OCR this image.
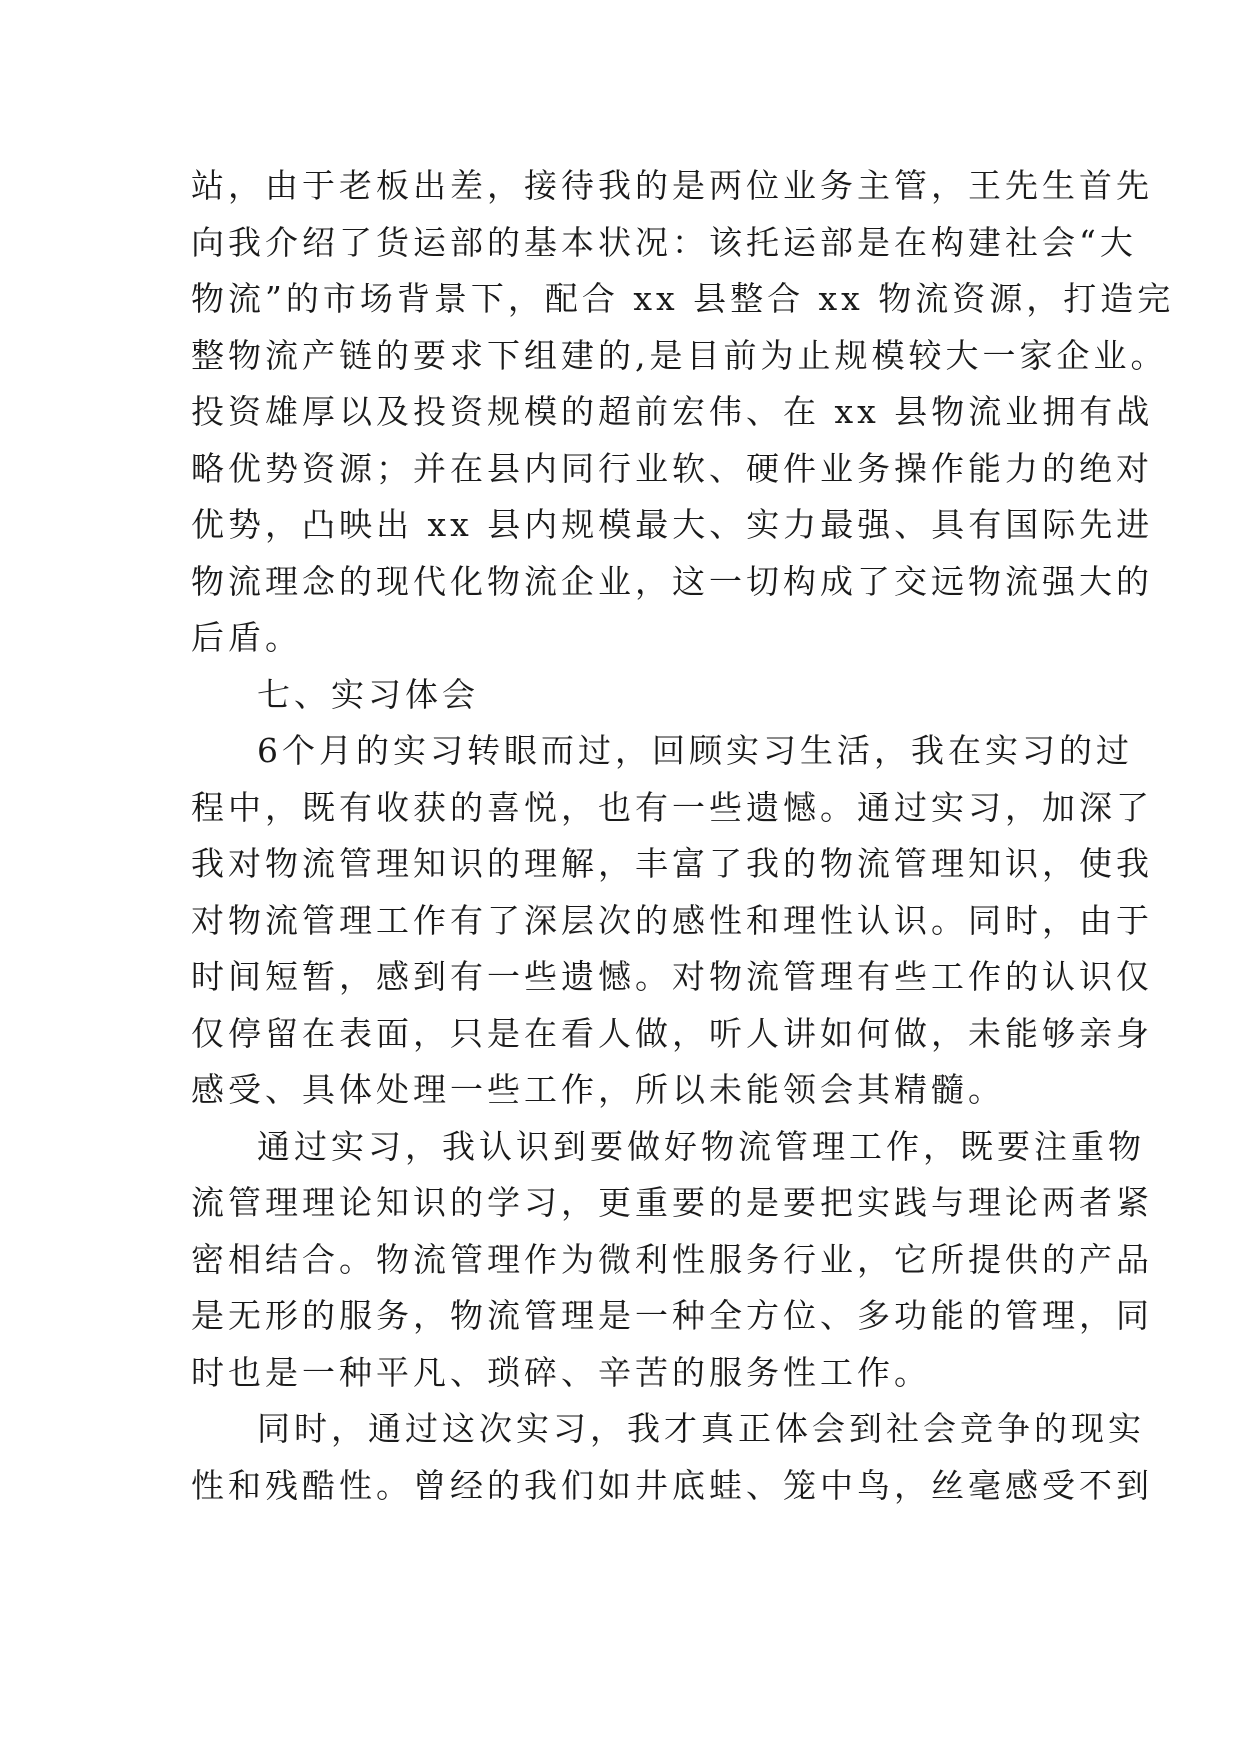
站，由于老板出差，接待我的是两位业务主管，王先生首先
向我介绍了货运部的基本状况：该托运部是在构建社会“大
物流”的市场背景下，配合 xx 县整合 xx 物流资源，打造完
整物流产链的要求下组建的,是目前为止规模较大一家企业。
投资雄厚以及投资规模的超前宏伟、在 xx 县物流业拥有战
略优势资源；并在县内同行业软、硬件业务操作能力的绝对
优势，凸映出 xx 县内规模最大、实力最强、具有国际先进
物流理念的现代化物流企业，这一切构成了交远物流强大的
后盾。
七、实习体会
6个月的实习转眼而过，回顾实习生活，我在实习的过
程中，既有收获的喜悦，也有一些遗憾。通过实习，加深了
我对物流管理知识的理解，丰富了我的物流管理知识，使我
对物流管理工作有了深层次的感性和理性认识。同时，由于
时间短暂，感到有一些遗憾。对物流管理有些工作的认识仅
仅停留在表面，只是在看人做，听人讲如何做，未能够亲身
感受、具体处理一些工作，所以未能领会其精髓。
通过实习，我认识到要做好物流管理工作，既要注重物
流管理理论知识的学习，更重要的是要把实践与理论两者紧
密相结合。物流管理作为微利性服务行业，它所提供的产品
是无形的服务，物流管理是一种全方位、多功能的管理，同
时也是一种平凡、琐碎、辛苦的服务性工作。
同时，通过这次实习，我才真正体会到社会竞争的现实
性和残酷性。曾经的我们如井底蛙、笼中鸟，丝毫感受不到
